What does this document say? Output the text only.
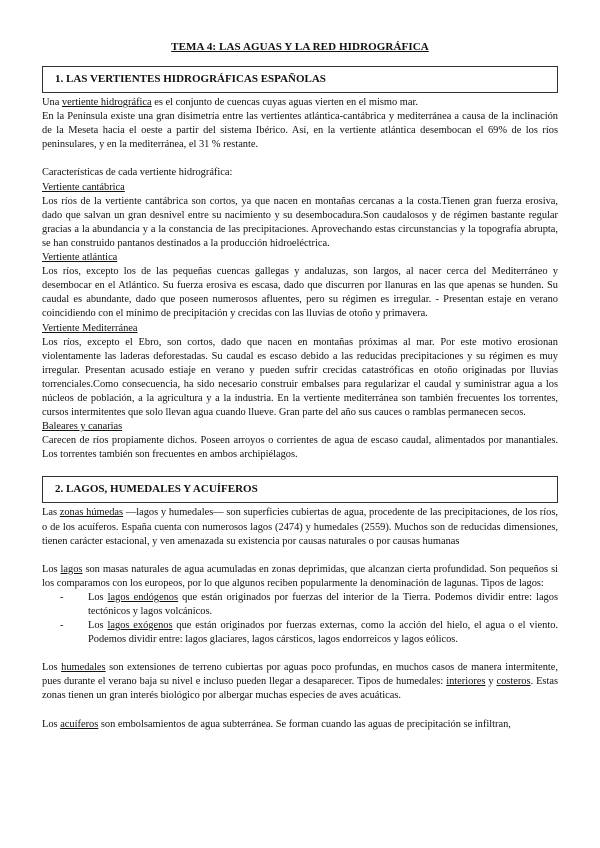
TEMA 4: LAS AGUAS Y LA RED HIDROGRÁFICA
1. LAS VERTIENTES HIDROGRÁFICAS ESPAÑOLAS

Una vertiente hidrográfica es el conjunto de cuencas cuyas aguas vierten en el mismo mar.

En la Península existe una gran disimetría entre las vertientes atlántica-cantábrica y mediterránea a causa de la inclinación de la Meseta hacia el oeste a partir del sistema Ibérico. Así, en la vertiente atlántica desembocan el 69% de los ríos peninsulares, y en la mediterránea, el 31 % restante.

Características de cada vertiente hidrográfica:

Vertiente cantábrica

Los ríos de la vertiente cantábrica son cortos, ya que nacen en montañas cercanas a la costa.Tienen gran fuerza erosiva, dado que salvan un gran desnivel entre su nacimiento y su desembocadura.Son caudalosos y de régimen bastante regular gracias a la abundancia y a la constancia de las precipitaciones. Aprovechando estas circunstancias y la topografía abrupta, se han construido pantanos destinados a la producción hidroeléctrica.

Vertiente atlántica

Los ríos, excepto los de las pequeñas cuencas gallegas y andaluzas, son largos, al nacer cerca del Mediterráneo y desembocar en el Atlántico. Su fuerza erosiva es escasa, dado que discurren por llanuras en las que apenas se hunden. Su caudal es abundante, dado que poseen numerosos afluentes, pero su régimen es irregular. - Presentan estaje en verano coincidiendo con el mínimo de precipitación y crecidas con las lluvias de otoño y primavera.

Vertiente Mediterránea

Los ríos, excepto el Ebro, son cortos, dado que nacen en montañas próximas al mar. Por este motivo erosionan violentamente las laderas deforestadas. Su caudal es escaso debido a las reducidas precipitaciones y su régimen es muy irregular. Presentan acusado estiaje en verano y pueden sufrir crecidas catastróficas en otoño originadas por lluvias torrenciales.Como consecuencia, ha sido necesario construir embalses para regularizar el caudal y suministrar agua a los núcleos de población, a la agricultura y a la industria. En la vertiente mediterránea son también frecuentes los torrentes, cursos intermitentes que solo llevan agua cuando llueve. Gran parte del año sus cauces o ramblas permanecen secos.

Baleares y canarias

Carecen de ríos propiamente dichos. Poseen arroyos o corrientes de agua de escaso caudal, alimentados por manantiales. Los torrentes también son frecuentes en ambos archipiélagos.

2. LAGOS, HUMEDALES Y ACUÍFEROS

Las zonas húmedas —lagos y humedales— son superficies cubiertas de agua, procedente de las precipitaciones, de los ríos, o de los acuíferos. España cuenta con numerosos lagos (2474) y humedales (2559). Muchos son de reducidas dimensiones, tienen carácter estacional, y ven amenazada su existencia por causas naturales o por causas humanas

Los lagos son masas naturales de agua acumuladas en zonas deprimidas, que alcanzan cierta profundidad. Son pequeños si los comparamos con los europeos, por lo que algunos reciben popularmente la denominación de lagunas. Tipos de lagos:

- Los lagos endógenos que están originados por fuerzas del interior de la Tierra. Podemos dividir entre: lagos tectónicos y lagos volcánicos.
- Los lagos exógenos que están originados por fuerzas externas, como la acción del hielo, el agua o el viento. Podemos dividir entre: lagos glaciares, lagos cársticos, lagos endorreicos y lagos eólicos.

Los humedales son extensiones de terreno cubiertas por aguas poco profundas, en muchos casos de manera intermitente, pues durante el verano baja su nivel e incluso pueden llegar a desaparecer. Tipos de humedales: interiores y costeros. Estas zonas tienen un gran interés biológico por albergar muchas especies de aves acuáticas.

Los acuíferos son embolsamientos de agua subterránea. Se forman cuando las aguas de precipitación se infiltran,
